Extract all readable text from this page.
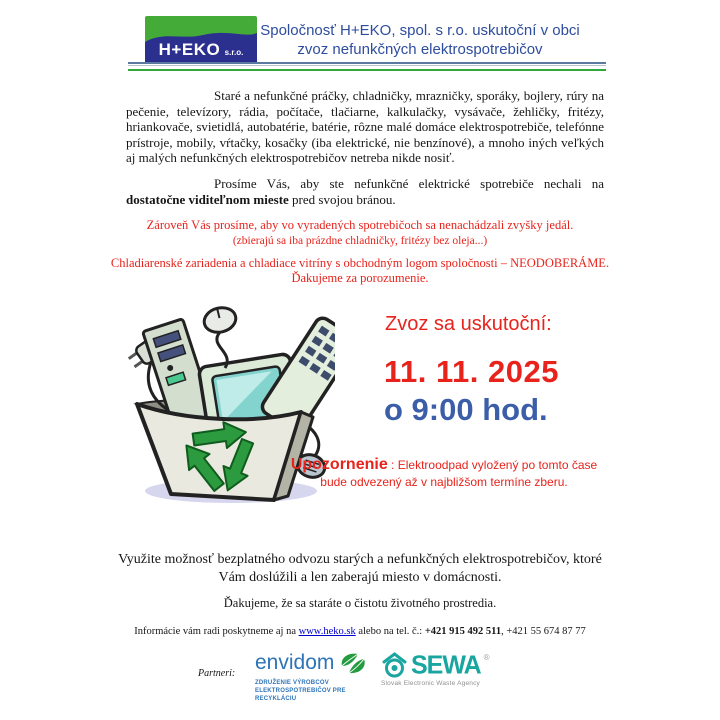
H+EKO s.r.o.
Spoločnosť H+EKO, spol. s r.o. uskutoční v obci
zvoz nefunkčných elektrospotrebičov
Staré a nefunkčné práčky, chladničky, mrazničky, sporáky, bojlery, rúry na pečenie, televízory, rádia, počítače, tlačiarne, kalkulačky, vysávače, žehličky, fritézy, hriankovače, svietidlá, autobatérie, batérie, rôzne malé domáce elektrospotrebiče, telefónne prístroje, mobily, vŕtačky, kosačky (iba elektrické, nie benzínové), a mnoho iných veľkých aj malých nefunkčných elektrospotrebičov netreba nikde nosiť.
Prosíme Vás, aby ste nefunkčné elektrické spotrebiče nechali na dostatočne viditeľnom mieste pred svojou bránou.
Zároveň Vás prosíme, aby vo vyradených spotrebičoch sa nenachádzali zvyšky jedál.
(zbierajú sa iba prázdne chladničky, fritézy bez oleja...)
Chladiarenské zariadenia a chladiace vitríny s obchodným logom spoločnosti – NEODOBERÁME.
Ďakujeme za porozumenie.
Zvoz sa uskutoční:
11. 11. 2025
o 9:00 hod.
Upozornenie : Elektroodpad vyložený po tomto čase
bude odvezený až v najbližšom termíne zberu.
Využite možnosť bezplatného odvozu starých a nefunkčných elektrospotrebičov, ktoré Vám doslúžili a len zaberajú miesto v domácnosti.
Ďakujeme, že sa staráte o čistotu životného prostredia.
Informácie vám radi poskytneme aj na www.heko.sk alebo na tel. č.: +421 915 492 511, +421 55 674 87 77
Partneri: envidom
ZDRUŽENIE VÝROBCOV
ELEKTROSPOTREBIČOV PRE RECYKLÁCIU
SEWA ®
Slovak Electronic Waste Agency
